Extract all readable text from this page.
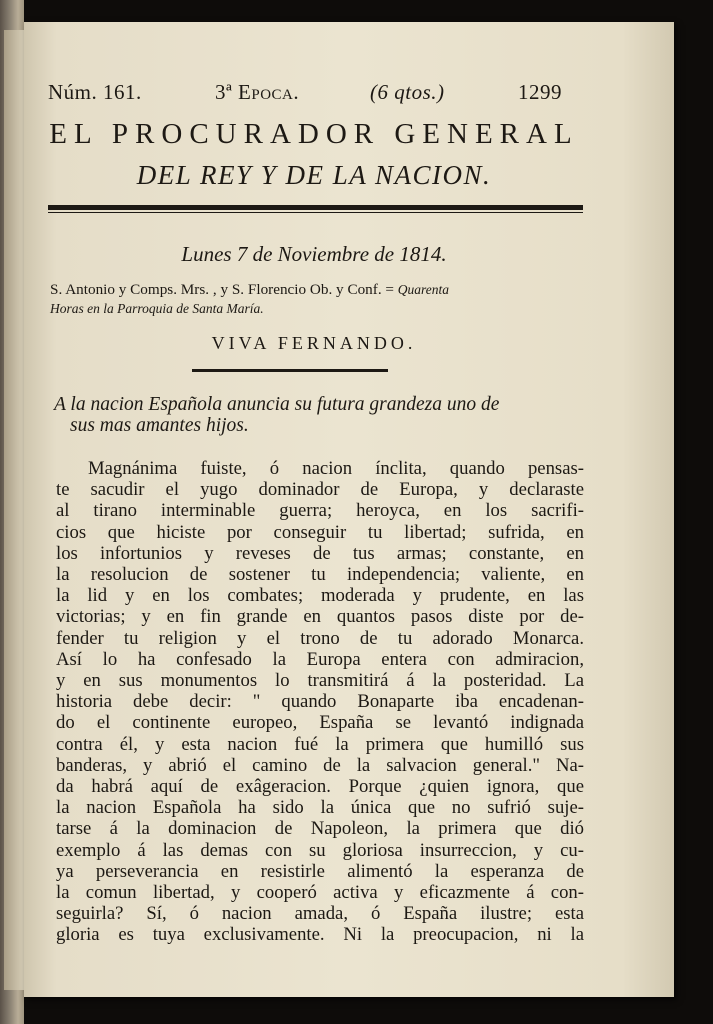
Núm. 161.	3ª Epoca.	(6 qtos.)	1299
EL PROCURADOR GENERAL
DEL REY Y DE LA NACION.
Lunes 7 de Noviembre de 1814.
S. Antonio y Comps. Mrs. , y S. Florencio Ob. y Conf. = Quarenta
Horas en la Parroquia de Santa María.
VIVA FERNANDO.
A la nacion Española anuncia su futura grandeza uno de
sus mas amantes hijos.
Magnánima fuiste, ó nacion ínclita, quando pensas-
te sacudir el yugo dominador de Europa, y declaraste
al tirano interminable guerra; heroyca, en los sacrifi-
cios que hiciste por conseguir tu libertad; sufrida, en
los infortunios y reveses de tus armas; constante, en
la resolucion de sostener tu independencia; valiente, en
la lid y en los combates; moderada y prudente, en las
victorias; y en fin grande en quantos pasos diste por de-
fender tu religion y el trono de tu adorado Monarca.
Así lo ha confesado la Europa entera con admiracion,
y en sus monumentos lo transmitirá á la posteridad. La
historia debe decir: " quando Bonaparte iba encadenan-
do el continente europeo, España se levantó indignada
contra él, y esta nacion fué la primera que humilló sus
banderas, y abrió el camino de la salvacion general." Na-
da habrá aquí de exâgeracion. Porque ¿quien ignora, que
la nacion Española ha sido la única que no sufrió suje-
tarse á la dominacion de Napoleon, la primera que dió
exemplo á las demas con su gloriosa insurreccion, y cu-
ya perseverancia en resistirle alimentó la esperanza de
la comun libertad, y cooperó activa y eficazmente á con-
seguirla? Sí, ó nacion amada, ó España ilustre; esta
gloria es tuya exclusivamente. Ni la preocupacion, ni la
